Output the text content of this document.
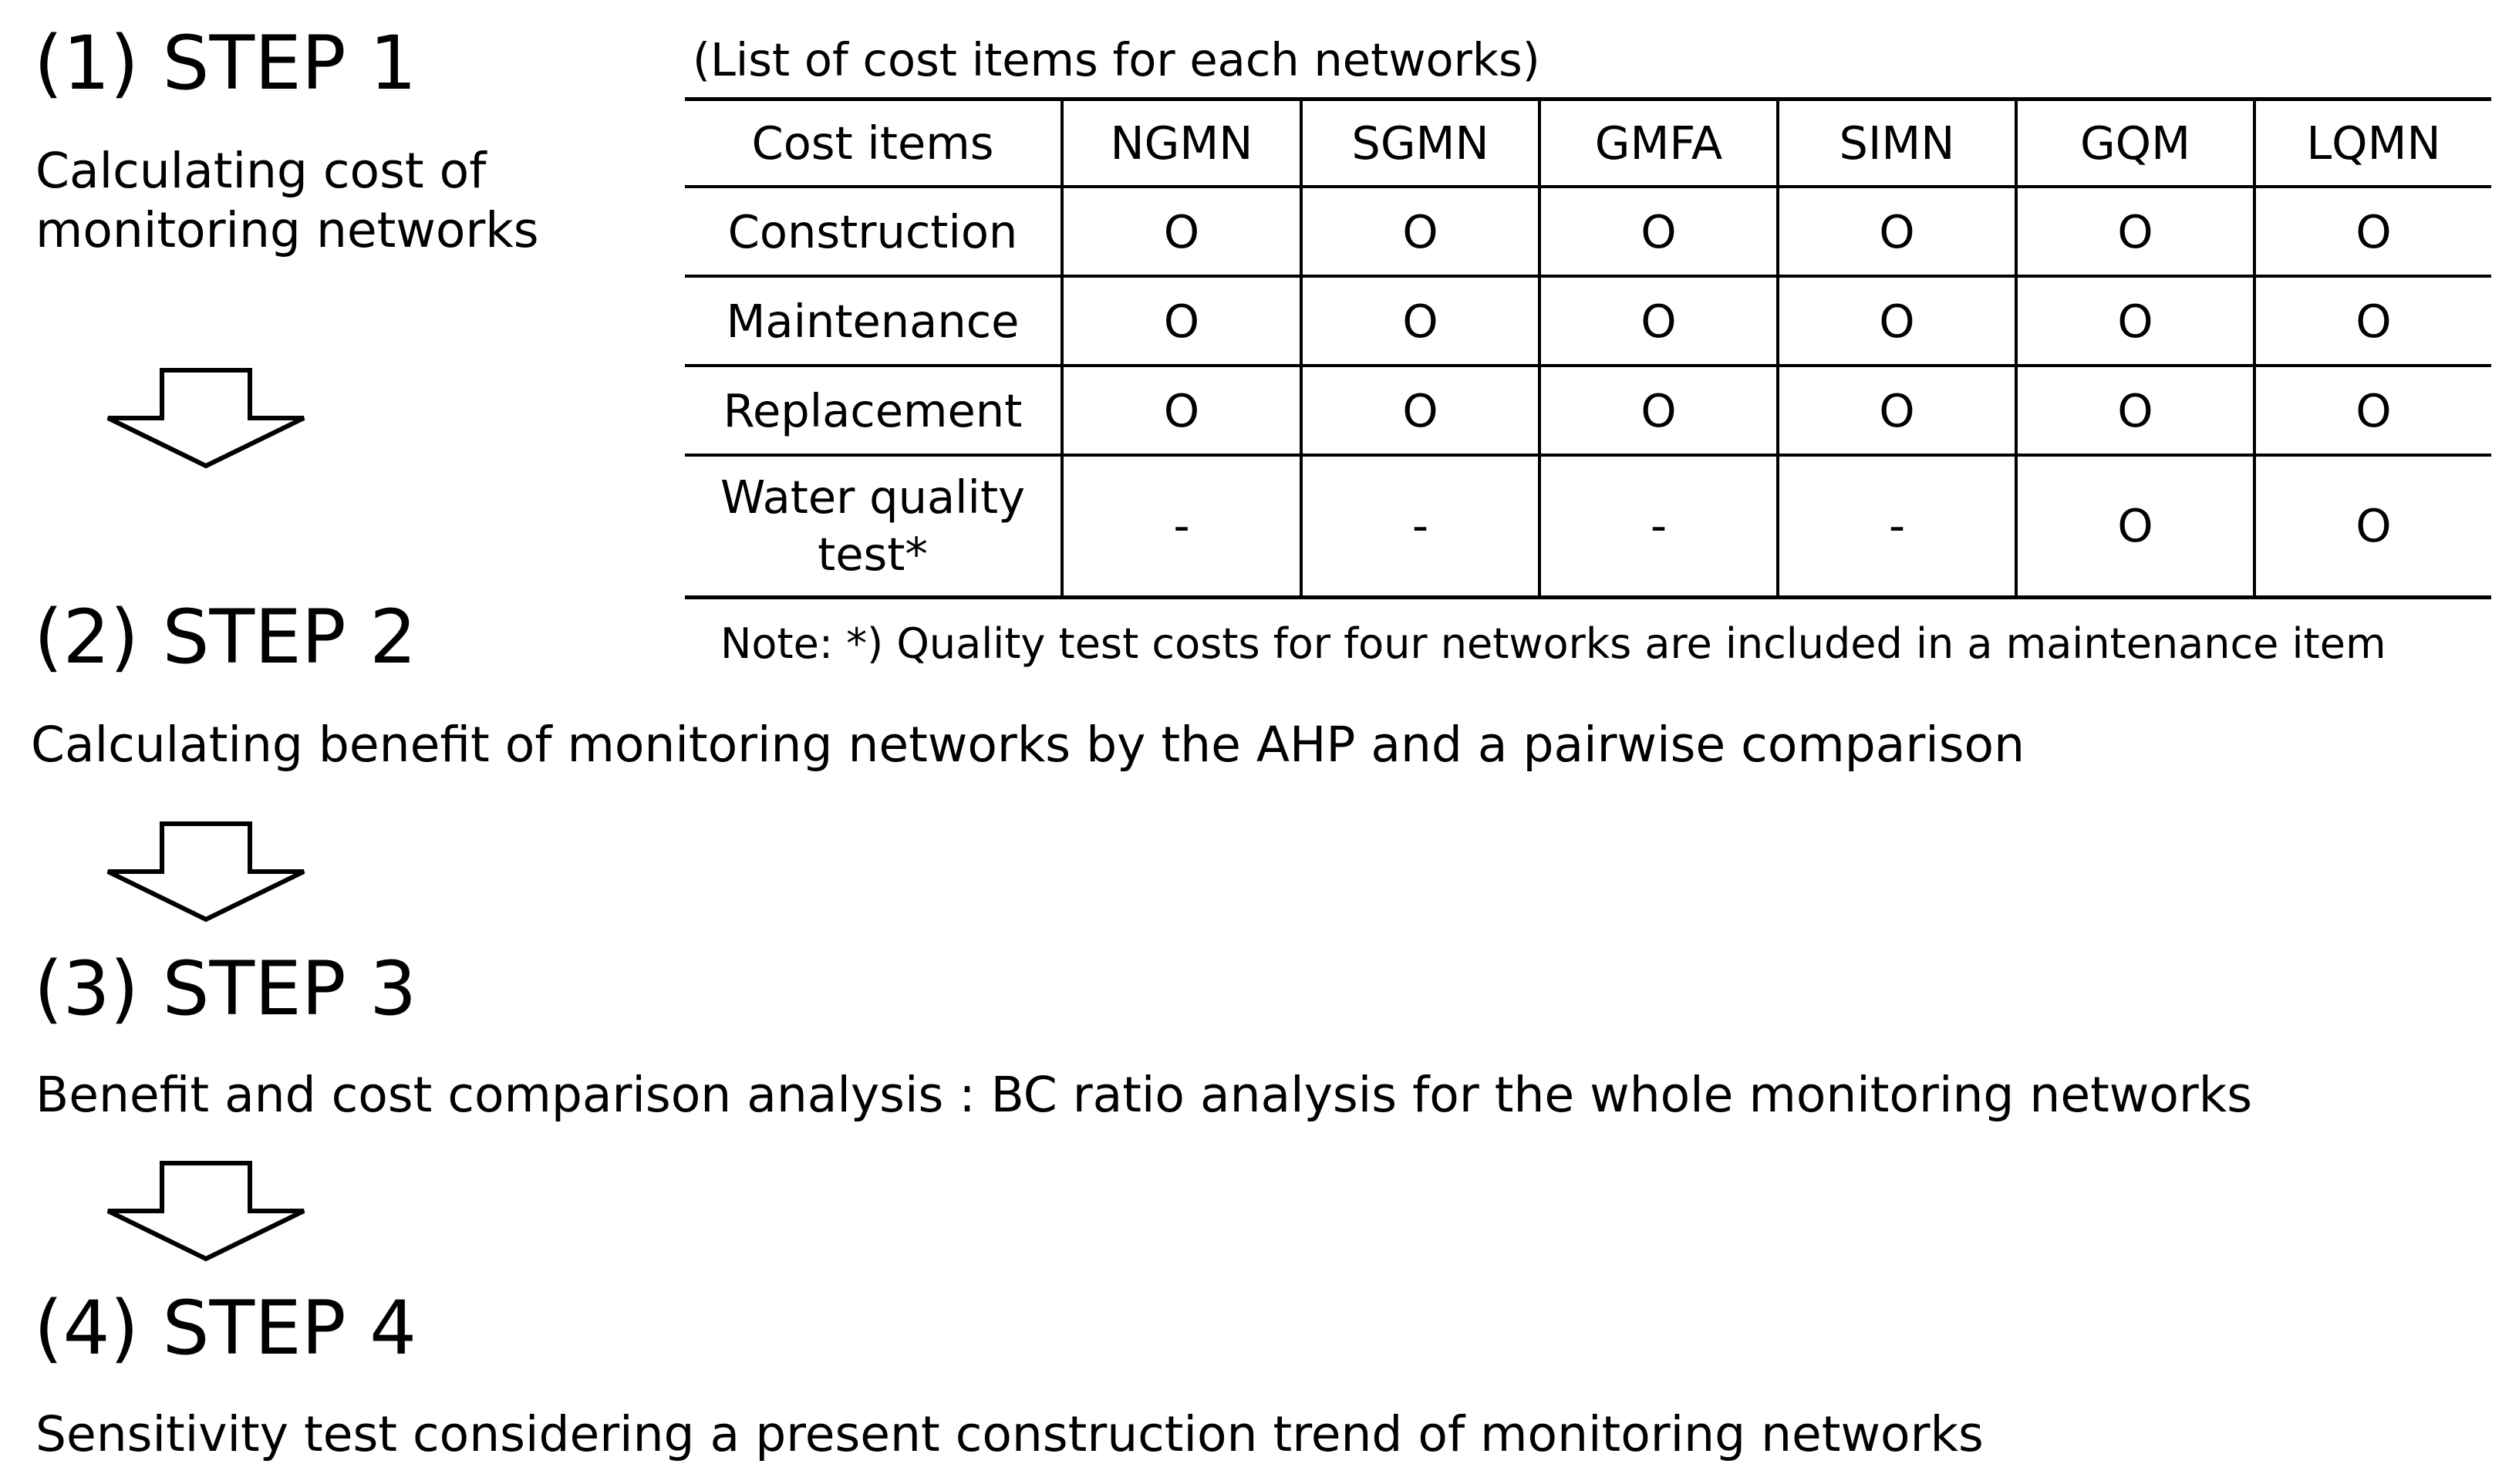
(1) STEP 1
Calculating cost of
monitoring networks
(List of cost items for each networks)
Cost items	NGMN	SGMN	GMFA	SIMN	GQM	LQMN
Construction	O	O	O	O	O	O
Maintenance	O	O	O	O	O	O
Replacement	O	O	O	O	O	O

Water quality
test*	-	-	-	-	O	O
Note: *) Quality test costs for four networks are included in a maintenance item
(2) STEP 2
Calculating benefit of monitoring networks by the AHP and a pairwise comparison
(3) STEP 3
Benefit and cost comparison analysis : BC ratio analysis for the whole monitoring networks
(4) STEP 4
Sensitivity test considering a present construction trend of monitoring networks
